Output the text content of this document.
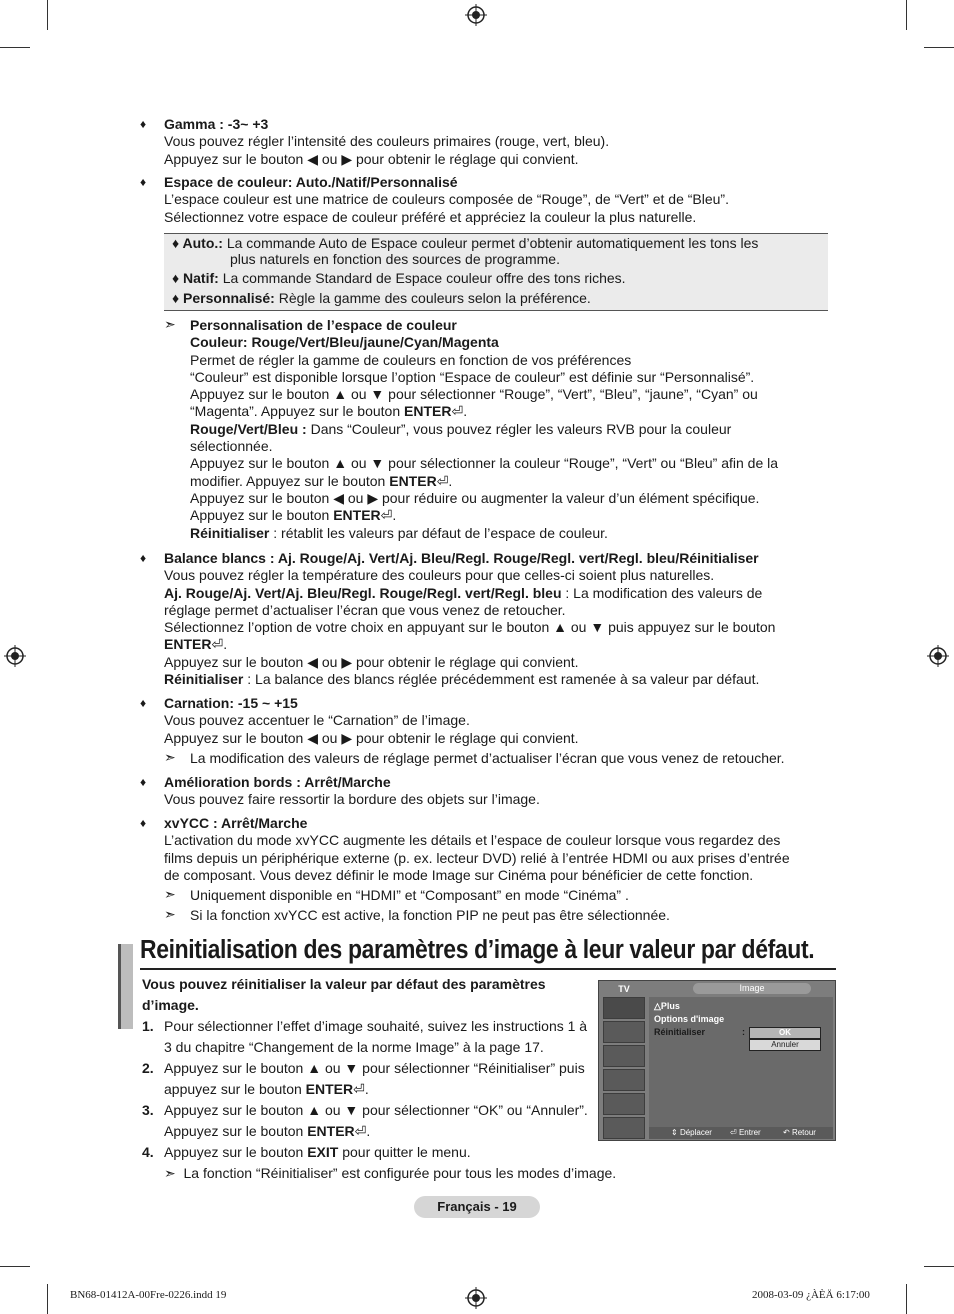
♦ Gamma : -3~ +3
Vous pouvez régler l’intensité des couleurs primaires (rouge, vert, bleu).
Appuyez sur le bouton ◀ ou ▶ pour obtenir le réglage qui convient.
♦ Espace de couleur: Auto./Natif/Personnalisé
L’espace couleur est une matrice de couleurs composée de “Rouge”, de “Vert” et de “Bleu”.
Sélectionnez votre espace de couleur préféré et appréciez la couleur la plus naturelle.
♦ Auto.: La commande Auto de Espace couleur permet d’obtenir automatiquement les tons les
plus naturels en fonction des sources de programme.
♦ Natif: La commande Standard de Espace couleur offre des tons riches.
♦ Personnalisé: Règle la gamme des couleurs selon la préférence.
➣ Personnalisation de l’espace de couleur
Couleur: Rouge/Vert/Bleu/jaune/Cyan/Magenta
Permet de régler la gamme de couleurs en fonction de vos préférences
“Couleur” est disponible lorsque l’option “Espace de couleur” est définie sur “Personnalisé”.
Appuyez sur le bouton ▲ ou ▼ pour sélectionner “Rouge”, “Vert”, “Bleu”, “jaune”, “Cyan” ou
“Magenta”. Appuyez sur le bouton ENTER⏎.
Rouge/Vert/Bleu : Dans “Couleur”, vous pouvez régler les valeurs RVB pour la couleur
sélectionnée.
Appuyez sur le bouton ▲ ou ▼ pour sélectionner la couleur “Rouge”, “Vert” ou “Bleu” afin de la
modifier. Appuyez sur le bouton ENTER⏎.
Appuyez sur le bouton ◀ ou ▶ pour réduire ou augmenter la valeur d’un élément spécifique.
Appuyez sur le bouton ENTER⏎.
Réinitialiser : rétablit les valeurs par défaut de l’espace de couleur.
♦ Balance blancs : Aj. Rouge/Aj. Vert/Aj. Bleu/Regl. Rouge/Regl. vert/Regl. bleu/Réinitialiser
Vous pouvez régler la température des couleurs pour que celles-ci soient plus naturelles.
Aj. Rouge/Aj. Vert/Aj. Bleu/Regl. Rouge/Regl. vert/Regl. bleu : La modification des valeurs de
réglage permet d’actualiser l’écran que vous venez de retoucher.
Sélectionnez l’option de votre choix en appuyant sur le bouton ▲ ou ▼ puis appuyez sur le bouton
ENTER⏎.
Appuyez sur le bouton ◀ ou ▶ pour obtenir le réglage qui convient.
Réinitialiser : La balance des blancs réglée précédemment est ramenée à sa valeur par défaut.
♦ Carnation: -15 ~ +15
Vous pouvez accentuer le “Carnation” de l’image.
Appuyez sur le bouton ◀ ou ▶ pour obtenir le réglage qui convient.
➣ La modification des valeurs de réglage permet d’actualiser l’écran que vous venez de retoucher.
♦ Amélioration bords : Arrêt/Marche
Vous pouvez faire ressortir la bordure des objets sur l’image.
♦ xvYCC : Arrêt/Marche
L’activation du mode xvYCC augmente les détails et l’espace de couleur lorsque vous regardez des
films depuis un périphérique externe (p. ex. lecteur DVD) relié à l’entrée HDMI ou aux prises d’entrée
de composant. Vous devez définir le mode Image sur Cinéma pour bénéficier de cette fonction.
➣ Uniquement disponible en “HDMI” et “Composant” en mode “Cinéma” .
➣ Si la fonction xvYCC est active, la fonction PIP ne peut pas être sélectionnée.
Reinitialisation des paramètres d’image à leur valeur par défaut.
Vous pouvez réinitialiser la valeur par défaut des paramètres d’image.
1. Pour sélectionner l’effet d’image souhaité, suivez les instructions 1 à 3 du chapitre “Changement de la norme Image” à la page 17.
2. Appuyez sur le bouton ▲ ou ▼ pour sélectionner “Réinitialiser” puis appuyez sur le bouton ENTER⏎.
3. Appuyez sur le bouton ▲ ou ▼ pour sélectionner “OK” ou “Annuler”. Appuyez sur le bouton ENTER⏎.
4. Appuyez sur le bouton EXIT pour quitter le menu.
➣ La fonction “Réinitialiser” est configurée pour tous les modes d’image.
TV	Image
△Plus
Options d'image
Réinitialiser	:	OK
Annuler
⇕ Déplacer ⏎ Entrer	↶ Retour
Français - 19
BN68-01412A-00Fre-0226.indd 19	2008-03-09 ¿ÀÈÄ 6:17:00
